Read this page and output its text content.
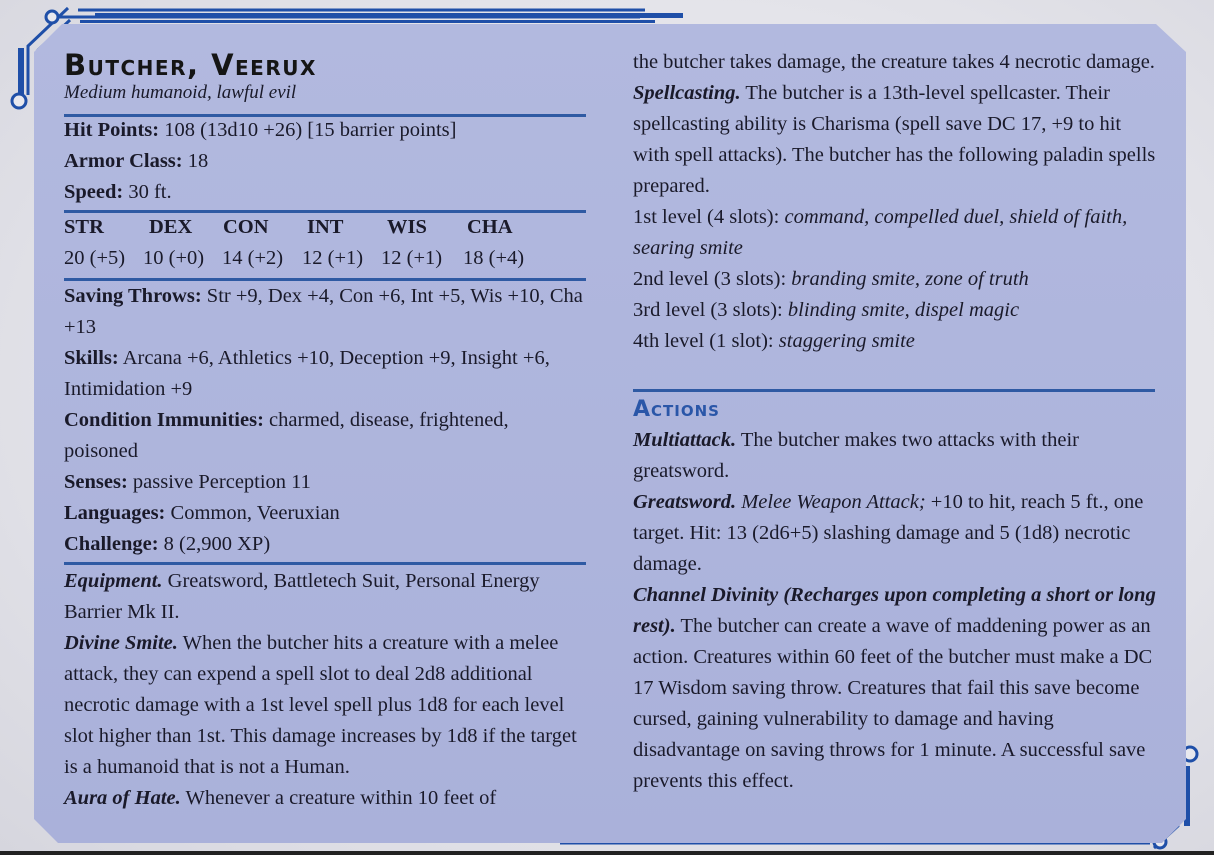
Butcher, Veerux

Medium humanoid, lawful evil

Hit Points: 108 (13d10 +26) [15 barrier points]

Armor Class: 18

Speed: 30 ft.

STR DEX CON INT WIS CHA
20 (+5) 10 (+0) 14 (+2) 12 (+1) 12 (+1) 18 (+4)

Saving Throws: Str +9, Dex +4, Con +6, Int +5, Wis +10, Cha +13

Skills: Arcana +6, Athletics +10, Deception +9, Insight +6, Intimidation +9

Condition Immunities: charmed, disease, frightened, poisoned

Senses: passive Perception 11

Languages: Common, Veeruxian

Challenge: 8 (2,900 XP)

Equipment. Greatsword, Battletech Suit, Personal Energy Barrier Mk II.

Divine Smite. When the butcher hits a creature with a melee attack, they can expend a spell slot to deal 2d8 additional necrotic damage with a 1st level spell plus 1d8 for each level slot higher than 1st. This damage increases by 1d8 if the target is a humanoid that is not a Human.

Aura of Hate. Whenever a creature within 10 feet of

the butcher takes damage, the creature takes 4 necrotic damage.

Spellcasting. The butcher is a 13th-level spellcaster. Their spellcasting ability is Charisma (spell save DC 17, +9 to hit with spell attacks). The butcher has the following paladin spells prepared.

1st level (4 slots): command, compelled duel, shield of faith, searing smite

2nd level (3 slots): branding smite, zone of truth

3rd level (3 slots): blinding smite, dispel magic

4th level (1 slot): staggering smite

Actions

Multiattack. The butcher makes two attacks with their greatsword.

Greatsword. Melee Weapon Attack; +10 to hit, reach 5 ft., one target. Hit: 13 (2d6+5) slashing damage and 5 (1d8) necrotic damage.

Channel Divinity (Recharges upon completing a short or long rest). The butcher can create a wave of maddening power as an action. Creatures within 60 feet of the butcher must make a DC 17 Wisdom saving throw. Creatures that fail this save become cursed, gaining vulnerability to damage and having disadvantage on saving throws for 1 minute. A successful save prevents this effect.
